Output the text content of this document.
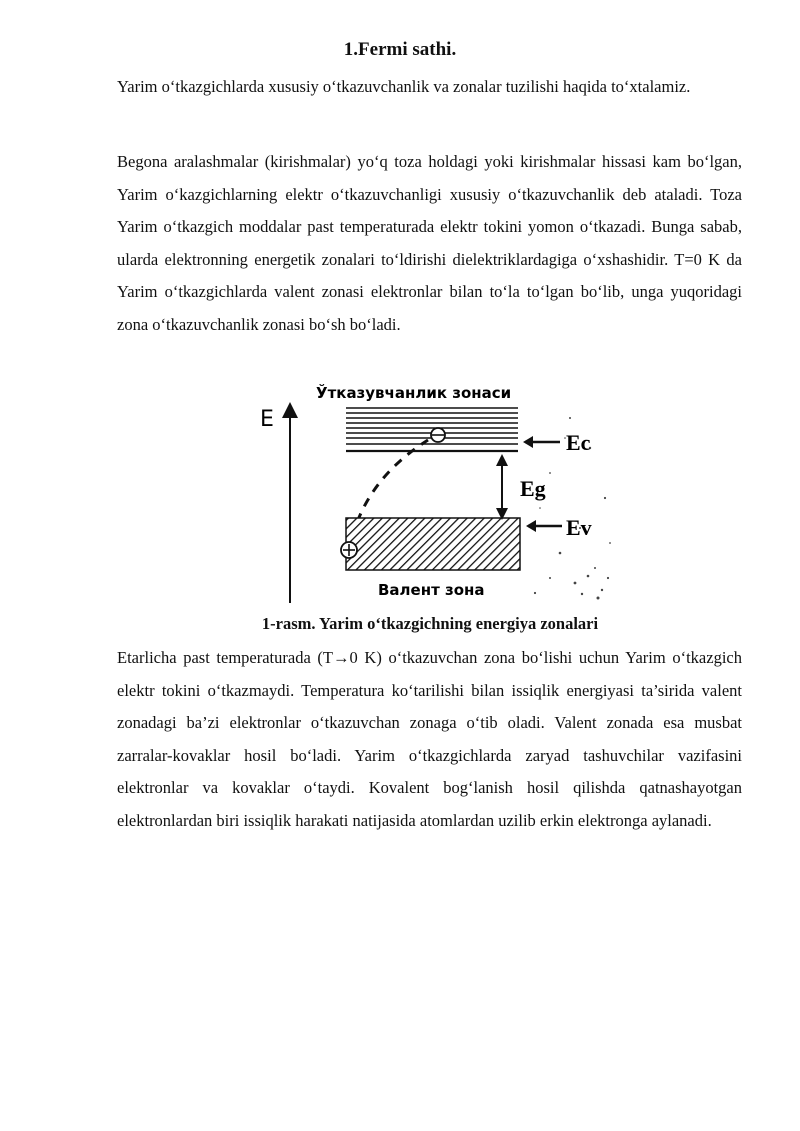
1.Fermi sathi.
Yarim o‘tkazgichlarda xususiy o‘tkazuvchanlik va zonalar tuzilishi haqida to‘xtalamiz.
Begona aralashmalar (kirishmalar) yo‘q toza holdagi yoki kirishmalar hissasi kam bo‘lgan, Yarim o‘kazgichlarning elektr o‘tkazuvchanligi xususiy o‘tkazuvchanlik deb ataladi. Toza Yarim o‘tkazgich moddalar past temperaturada elektr tokini yomon o‘tkazadi. Bunga sabab, ularda elektronning energetik zonalari to‘ldirishi dielektriklardagiga o‘xshashidir. T=0 K da Yarim o‘tkazgichlarda valent zonasi elektronlar bilan to‘la to‘lgan bo‘lib, unga yuqoridagi zona o‘tkazuvchanlik zonasi bo‘sh bo‘ladi.
E
Ўтказувчанлик зонаси
Ec
Eg
Ev
Валент зона
1-rasm. Yarim o‘tkazgichning energiya zonalari
Etarlicha past temperaturada (T→0 K) o‘tkazuvchan zona bo‘lishi uchun Yarim o‘tkazgich elektr tokini o‘tkazmaydi. Temperatura ko‘tarilishi bilan issiqlik energiyasi ta’sirida valent zonadagi ba’zi elektronlar o‘tkazuvchan zonaga o‘tib oladi. Valent zonada esa musbat zarralar-kovaklar hosil bo‘ladi. Yarim o‘tkazgichlarda zaryad tashuvchilar vazifasini elektronlar va kovaklar o‘taydi. Kovalent bog‘lanish hosil qilishda qatnashayotgan elektronlardan biri issiqlik harakati natijasida atomlardan uzilib erkin elektronga aylanadi.
